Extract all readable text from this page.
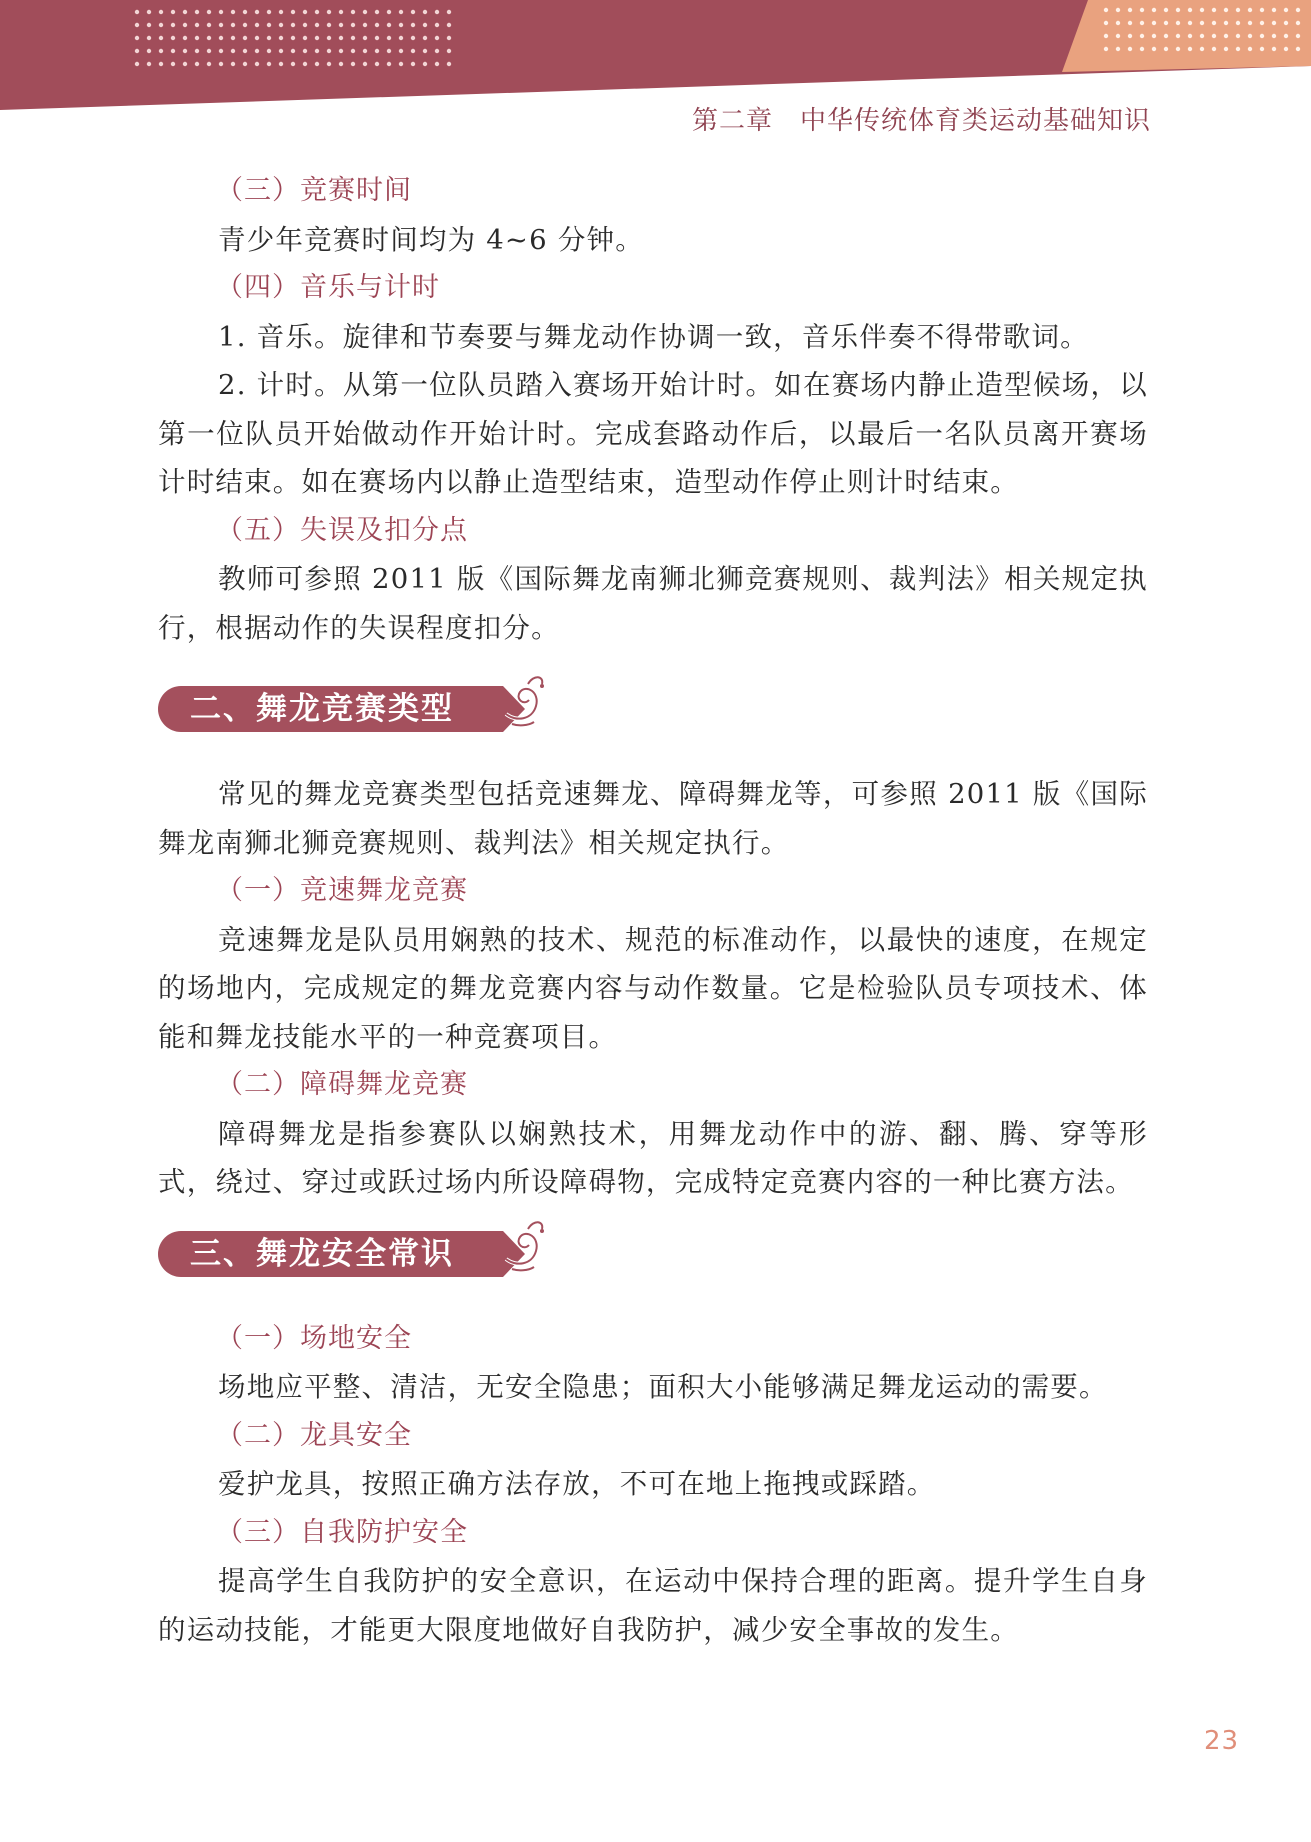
第二章　中华传统体育类运动基础知识
（三）竞赛时间

青少年竞赛时间均为 4~6 分钟。

（四）音乐与计时

1. 音乐。旋律和节奏要与舞龙动作协调一致，音乐伴奏不得带歌词。

2. 计时。从第一位队员踏入赛场开始计时。如在赛场内静止造型候场，以第一位队员开始做动作开始计时。完成套路动作后，以最后一名队员离开赛场计时结束。如在赛场内以静止造型结束，造型动作停止则计时结束。

（五）失误及扣分点

教师可参照 2011 版《国际舞龙南狮北狮竞赛规则、裁判法》相关规定执行，根据动作的失误程度扣分。

二、舞龙竞赛类型

常见的舞龙竞赛类型包括竞速舞龙、障碍舞龙等，可参照 2011 版《国际舞龙南狮北狮竞赛规则、裁判法》相关规定执行。

（一）竞速舞龙竞赛

竞速舞龙是队员用娴熟的技术、规范的标准动作，以最快的速度，在规定的场地内，完成规定的舞龙竞赛内容与动作数量。它是检验队员专项技术、体能和舞龙技能水平的一种竞赛项目。

（二）障碍舞龙竞赛

障碍舞龙是指参赛队以娴熟技术，用舞龙动作中的游、翻、腾、穿等形式，绕过、穿过或跃过场内所设障碍物，完成特定竞赛内容的一种比赛方法。

三、舞龙安全常识
（一）场地安全

场地应平整、清洁，无安全隐患；面积大小能够满足舞龙运动的需要。

（二）龙具安全

爱护龙具，按照正确方法存放，不可在地上拖拽或踩踏。

（三）自我防护安全

提高学生自我防护的安全意识，在运动中保持合理的距离。提升学生自身的运动技能，才能更大限度地做好自我防护，减少安全事故的发生。

23
